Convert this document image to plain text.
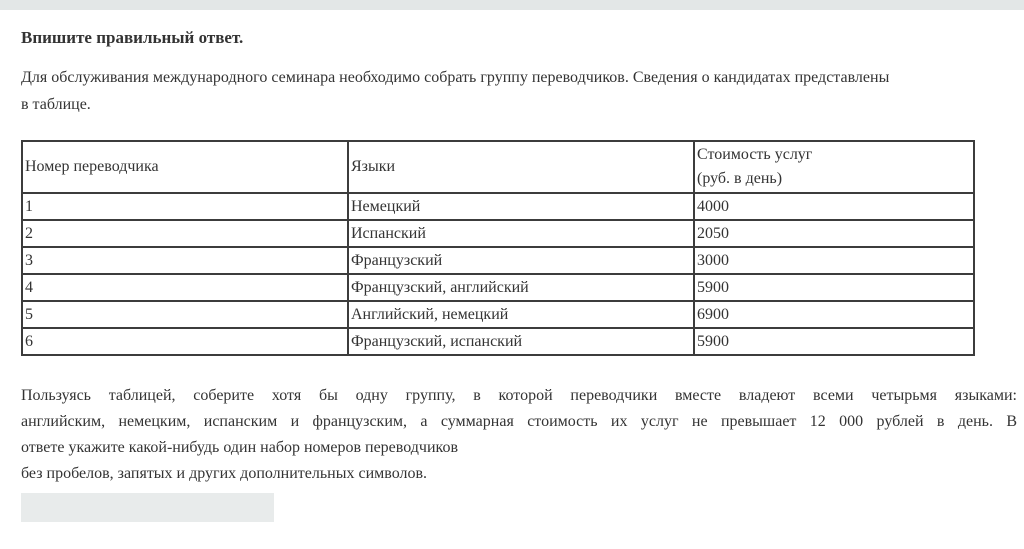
Впишите правильный ответ.
Для обслуживания международного семинара необходимо собрать группу переводчиков. Сведения о кандидатах представлены
в таблице.
Номер переводчика	Языки	Стоимость услуг
(руб. в день)

1	Немецкий	4000
2	Испанский	2050
3	Французский	3000
4	Французский, английский	5900
5	Английский, немецкий	6900
6	Французский, испанский	5900
Пользуясь таблицей, соберите хотя бы одну группу, в которой переводчики вместе владеют всеми четырьмя языками:
английским, немецким, испанским и французским, а суммарная стоимость их услуг не превышает 12 000 рублей в день. В
ответе укажите какой-нибудь один набор номеров переводчиков
без пробелов, запятых и других дополнительных символов.
